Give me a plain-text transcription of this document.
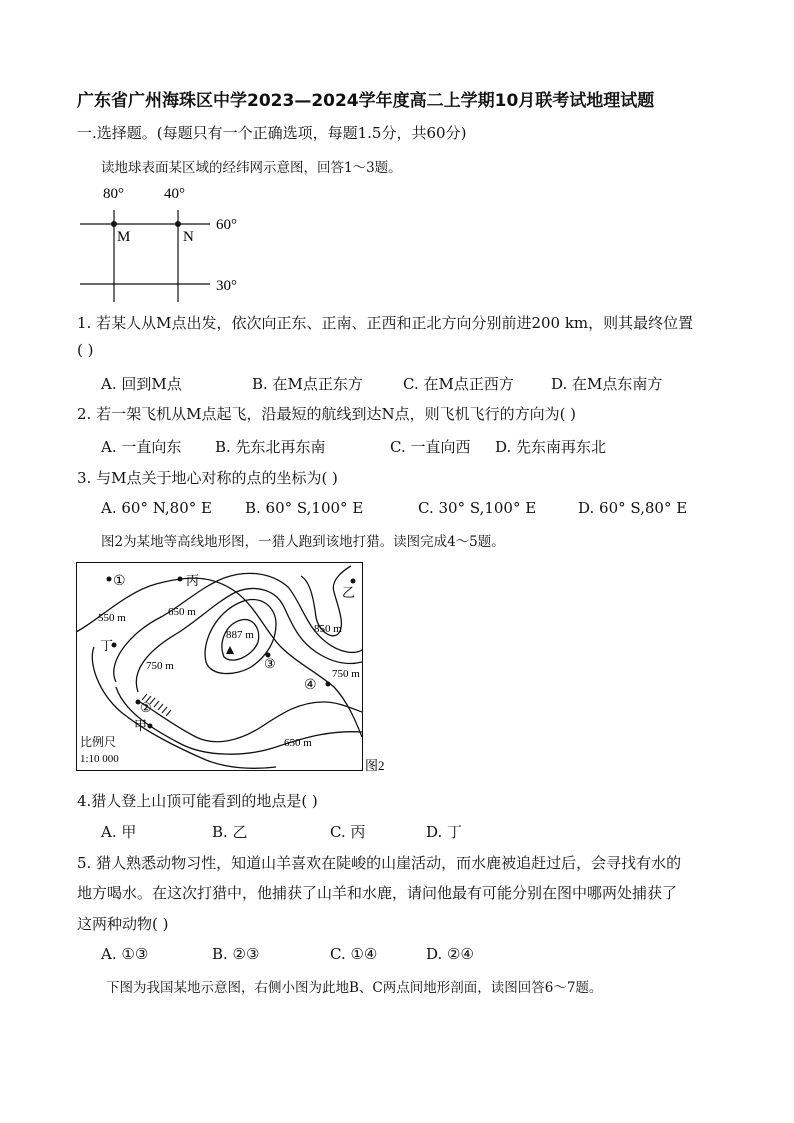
广东省广州海珠区中学2023—2024学年度高二上学期10月联考试地理试题
一.选择题。(每题只有一个正确选项，每题1.5分，共60分)
读地球表面某区域的经纬网示意图，回答1～3题。
80°	40°
60°
30°
M	N
1. 若某人从M点出发，依次向正东、正南、正西和正北方向分别前进200 km，则其最终位置
( )
A. 回到M点	B. 在M点正东方	C. 在M点正西方 D. 在M点东南方
2. 若一架飞机从M点起飞，沿最短的航线到达N点，则飞机飞行的方向为( )
A. 一直向东 B. 先东北再东南	C. 一直向西 D. 先东南再东北
3. 与M点关于地心对称的点的坐标为( )
A. 60° N,80° E B. 60° S,100° E	C. 30° S,100° E	D. 60° S,80° E
图2为某地等高线地形图，一猎人跑到该地打猎。读图完成4～5题。
①	丙
乙
550 m	650 m
887 m	850 m
丁
750 m	③
750 m
④
②
甲
650 m
比例尺
1:10 000	图2
4.猎人登上山顶可能看到的地点是( )
A. 甲	B. 乙	C. 丙	D. 丁
5. 猎人熟悉动物习性，知道山羊喜欢在陡峻的山崖活动，而水鹿被追赶过后，会寻找有水的
地方喝水。在这次打猎中，他捕获了山羊和水鹿，请问他最有可能分别在图中哪两处捕获了
这两种动物( )
A. ①③	B. ②③	C. ①④	D. ②④
下图为我国某地示意图，右侧小图为此地B、C两点间地形剖面，读图回答6～7题。
